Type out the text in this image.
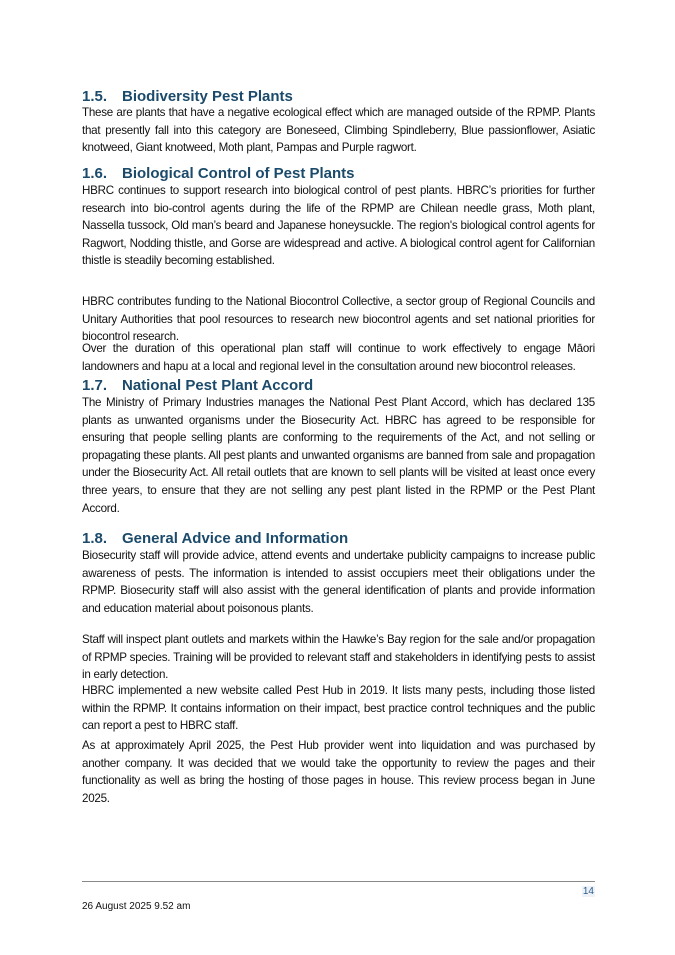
1.5. Biodiversity Pest Plants

These are plants that have a negative ecological effect which are managed outside of the RPMP. Plants that presently fall into this category are Boneseed, Climbing Spindleberry, Blue passionflower, Asiatic knotweed, Giant knotweed, Moth plant, Pampas and Purple ragwort.

1.6. Biological Control of Pest Plants

HBRC continues to support research into biological control of pest plants. HBRC’s priorities for further research into bio-control agents during the life of the RPMP are Chilean needle grass, Moth plant, Nassella tussock, Old man’s beard and Japanese honeysuckle. The region's biological control agents for Ragwort, Nodding thistle, and Gorse are widespread and active. A biological control agent for Californian thistle is steadily becoming established.

HBRC contributes funding to the National Biocontrol Collective, a sector group of Regional Councils and Unitary Authorities that pool resources to research new biocontrol agents and set national priorities for biocontrol research.

Over the duration of this operational plan staff will continue to work effectively to engage Māori landowners and hapu at a local and regional level in the consultation around new biocontrol releases.

1.7. National Pest Plant Accord

The Ministry of Primary Industries manages the National Pest Plant Accord, which has declared 135 plants as unwanted organisms under the Biosecurity Act. HBRC has agreed to be responsible for ensuring that people selling plants are conforming to the requirements of the Act, and not selling or propagating these plants. All pest plants and unwanted organisms are banned from sale and propagation under the Biosecurity Act. All retail outlets that are known to sell plants will be visited at least once every three years, to ensure that they are not selling any pest plant listed in the RPMP or the Pest Plant Accord.

1.8. General Advice and Information

Biosecurity staff will provide advice, attend events and undertake publicity campaigns to increase public awareness of pests. The information is intended to assist occupiers meet their obligations under the RPMP. Biosecurity staff will also assist with the general identification of plants and provide information and education material about poisonous plants.

Staff will inspect plant outlets and markets within the Hawke’s Bay region for the sale and/or propagation of RPMP species. Training will be provided to relevant staff and stakeholders in identifying pests to assist in early detection.

HBRC implemented a new website called Pest Hub in 2019. It lists many pests, including those listed within the RPMP. It contains information on their impact, best practice control techniques and the public can report a pest to HBRC staff.

As at approximately April 2025, the Pest Hub provider went into liquidation and was purchased by another company. It was decided that we would take the opportunity to review the pages and their functionality as well as bring the hosting of those pages in house. This review process began in June 2025.

14
26 August 2025 9.52 am
